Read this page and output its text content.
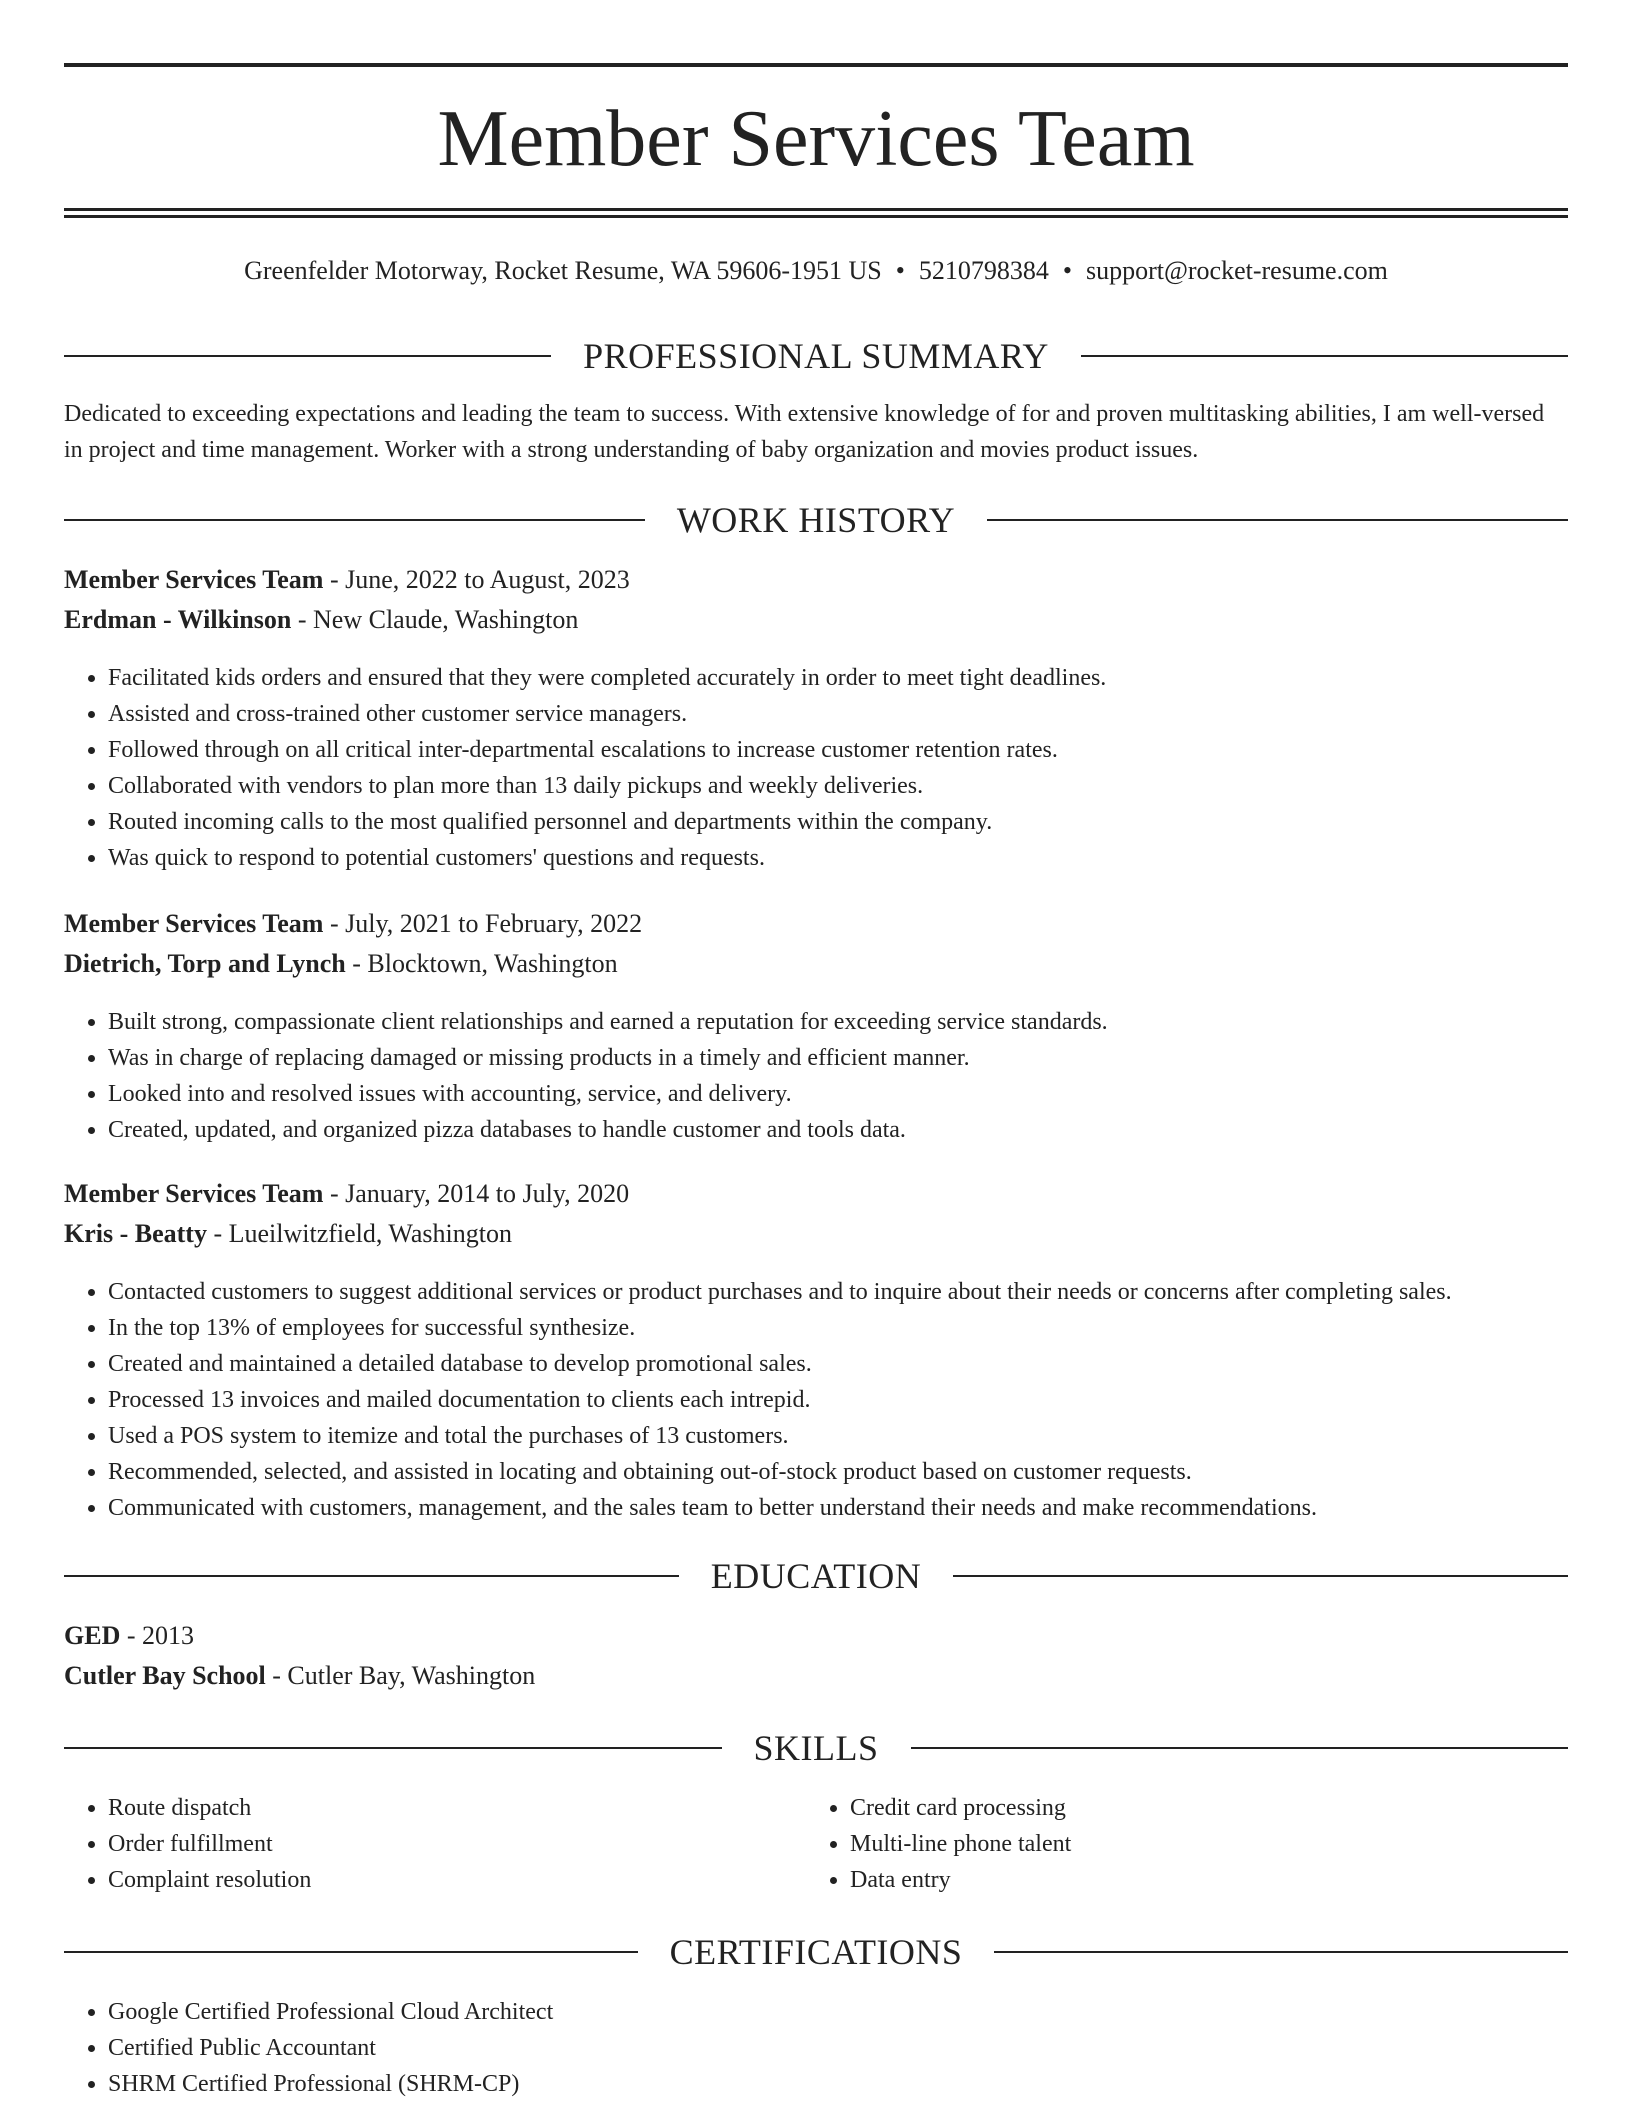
Member Services Team
Greenfelder Motorway, Rocket Resume, WA 59606-1951 US • 5210798384 • support@rocket-resume.com
PROFESSIONAL SUMMARY
Dedicated to exceeding expectations and leading the team to success. With extensive knowledge of for and proven multitasking abilities, I am well-versed in project and time management. Worker with a strong understanding of baby organization and movies product issues.
WORK HISTORY
Member Services Team - June, 2022 to August, 2023
Erdman - Wilkinson - New Claude, Washington
• Facilitated kids orders and ensured that they were completed accurately in order to meet tight deadlines.
• Assisted and cross-trained other customer service managers.
• Followed through on all critical inter-departmental escalations to increase customer retention rates.
• Collaborated with vendors to plan more than 13 daily pickups and weekly deliveries.
• Routed incoming calls to the most qualified personnel and departments within the company.
• Was quick to respond to potential customers' questions and requests.
Member Services Team - July, 2021 to February, 2022
Dietrich, Torp and Lynch - Blocktown, Washington
• Built strong, compassionate client relationships and earned a reputation for exceeding service standards.
• Was in charge of replacing damaged or missing products in a timely and efficient manner.
• Looked into and resolved issues with accounting, service, and delivery.
• Created, updated, and organized pizza databases to handle customer and tools data.
Member Services Team - January, 2014 to July, 2020
Kris - Beatty - Lueilwitzfield, Washington
• Contacted customers to suggest additional services or product purchases and to inquire about their needs or concerns after completing sales.
• In the top 13% of employees for successful synthesize.
• Created and maintained a detailed database to develop promotional sales.
• Processed 13 invoices and mailed documentation to clients each intrepid.
• Used a POS system to itemize and total the purchases of 13 customers.
• Recommended, selected, and assisted in locating and obtaining out-of-stock product based on customer requests.
• Communicated with customers, management, and the sales team to better understand their needs and make recommendations.
EDUCATION
GED - 2013
Cutler Bay School - Cutler Bay, Washington
SKILLS
• Route dispatch
• Order fulfillment
• Complaint resolution
• Credit card processing
• Multi-line phone talent
• Data entry
CERTIFICATIONS
• Google Certified Professional Cloud Architect
• Certified Public Accountant
• SHRM Certified Professional (SHRM-CP)
